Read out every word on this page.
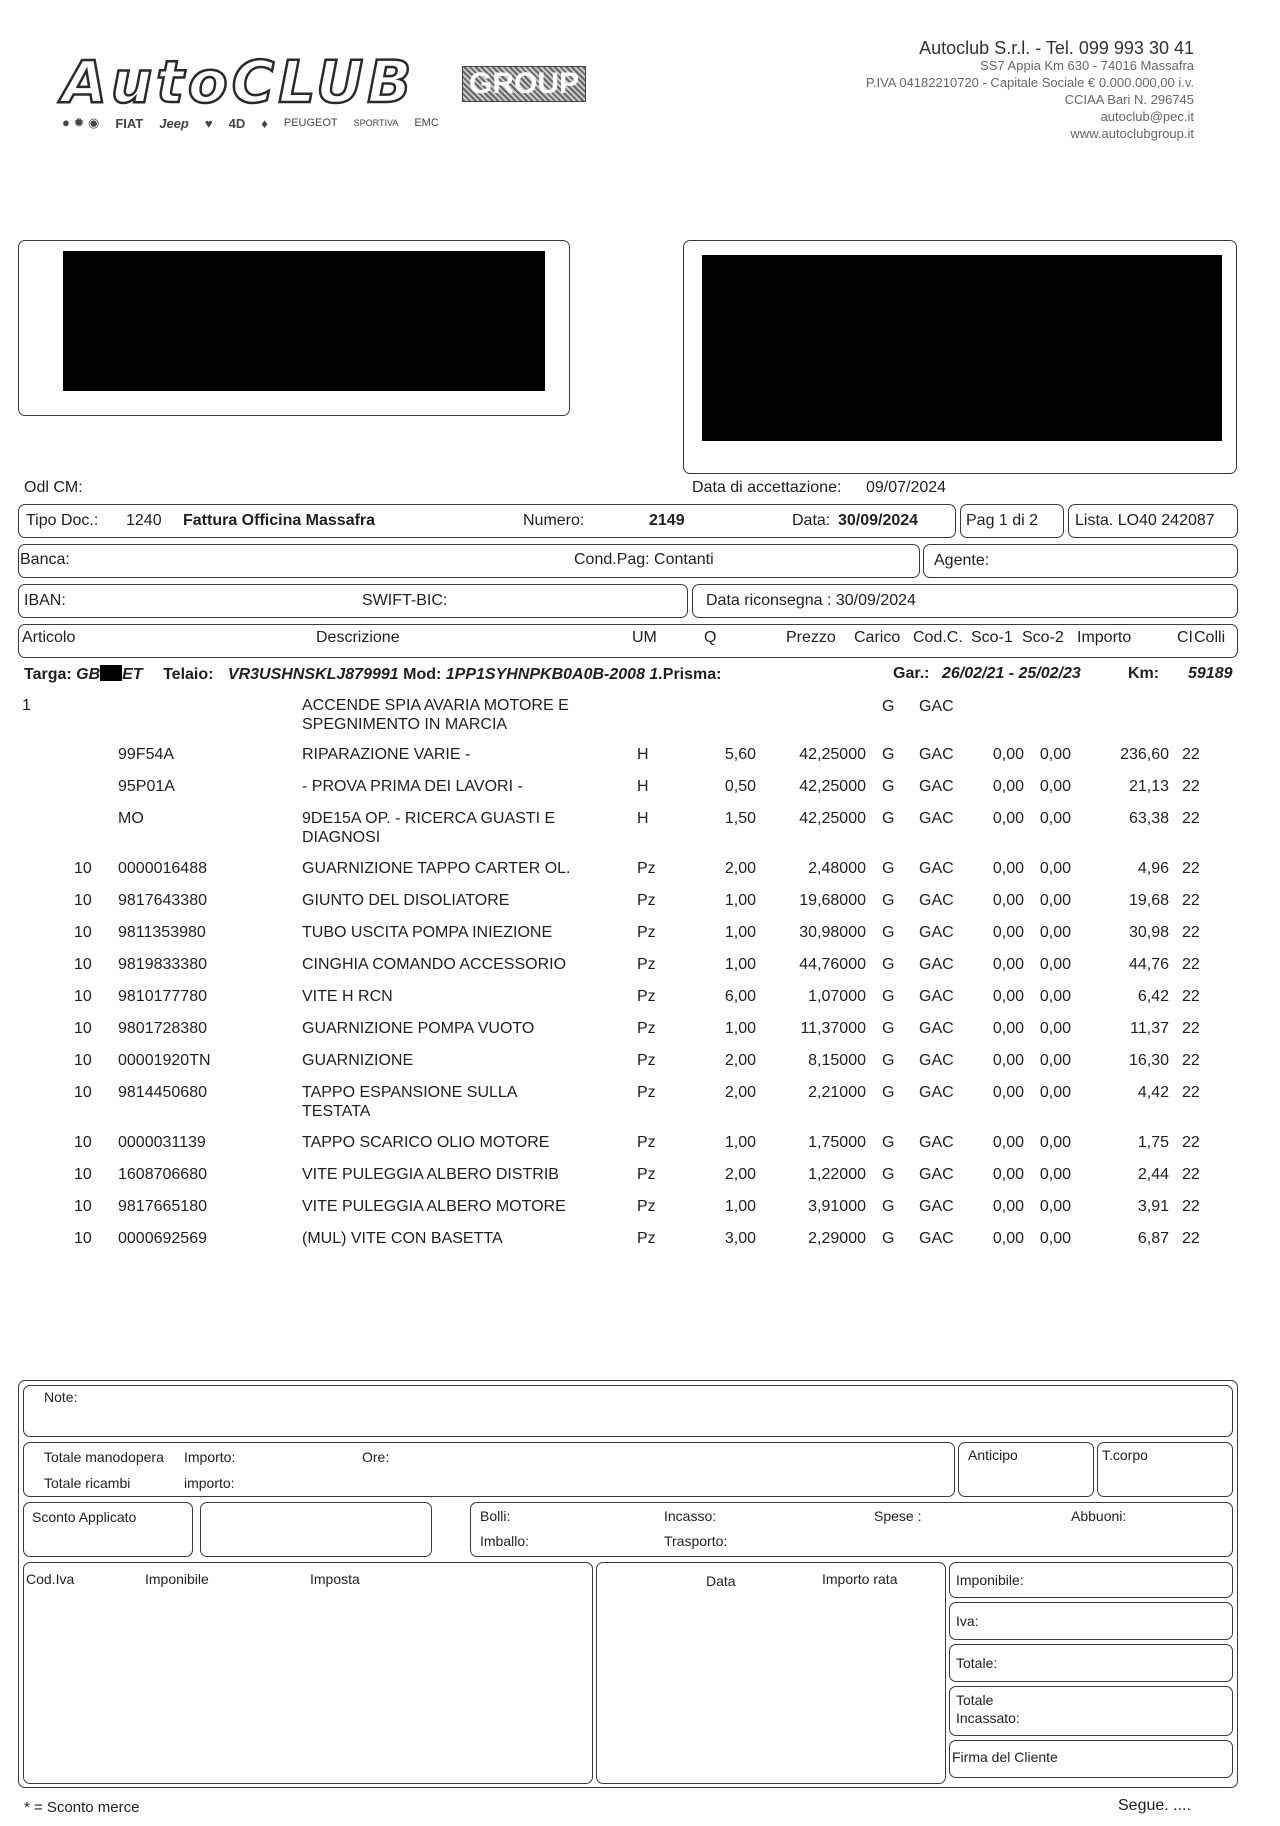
AutoCLUB GROUP
● ✹ ◉ FIAT Jeep ♥ 4D ♦ PEUGEOT SPORTIVA EMC
Autoclub S.r.l. - Tel. 099 993 30 41
SS7 Appia Km 630 - 74016 Massafra
P.IVA 04182210720 - Capitale Sociale € 0.000.000,00 i.v.
CCIAA Bari N. 296745
autoclub@pec.it
www.autoclubgroup.it
Odl CM:	Data di accettazione: 09/07/2024
Tipo Doc.: 1240 Fattura Officina Massafra	Numero:	2149	Data: 30/09/2024	Pag 1 di 2 Lista. LO40 242087
Banca:	Cond.Pag: Contanti	Agente:
IBAN:	SWIFT-BIC:	Data riconsegna : 30/09/2024
Articolo	Descrizione	UM	Q	Prezzo Carico Cod.C. Sco-1 Sco-2 Importo	CI Colli
Targa: GB ET Telaio: VR3USHNSKLJ879991 Mod: 1PP1SYHNPKB0A0B-2008 1.Prisma:	Gar.: 26/02/21 - 25/02/23	Km: 59189
1	ACCENDE SPIA AVARIA MOTORE E
SPEGNIMENTO IN MARCIA
G GAC
99F54A	RIPARAZIONE VARIE -	H	5,60	42,25000 G GAC	0,00 0,00	236,60 22
95P01A	- PROVA PRIMA DEI LAVORI -	H	0,50	42,25000 G GAC	0,00 0,00	21,13 22
MO	9DE15A OP. - RICERCA GUASTI E	H	1,50	42,25000 G GAC	0,00 0,00	63,38 22
DIAGNOSI
10 0000016488	GUARNIZIONE TAPPO CARTER OL.	Pz	2,00	2,48000 G GAC	0,00 0,00	4,96 22
10 9817643380	GIUNTO DEL DISOLIATORE	Pz	1,00	19,68000 G GAC	0,00 0,00	19,68 22
10 9811353980	TUBO USCITA POMPA INIEZIONE	Pz	1,00	30,98000 G GAC	0,00 0,00	30,98 22
10 9819833380	CINGHIA COMANDO ACCESSORIO	Pz	1,00	44,76000 G GAC	0,00 0,00	44,76 22
10 9810177780	VITE H RCN	Pz	6,00	1,07000 G GAC	0,00 0,00	6,42 22
10 9801728380	GUARNIZIONE POMPA VUOTO	Pz	1,00	11,37000 G GAC	0,00 0,00	11,37 22
10 00001920TN	GUARNIZIONE	Pz	2,00	8,15000 G GAC	0,00 0,00	16,30 22
10 9814450680	TAPPO ESPANSIONE SULLA	Pz	2,00	2,21000 G GAC	0,00 0,00	4,42 22
TESTATA
10 0000031139	TAPPO SCARICO OLIO MOTORE	Pz	1,00	1,75000 G GAC	0,00 0,00	1,75 22
10 1608706680	VITE PULEGGIA ALBERO DISTRIB	Pz	2,00	1,22000 G GAC	0,00 0,00	2,44 22
10 9817665180	VITE PULEGGIA ALBERO MOTORE	Pz	1,00	3,91000 G GAC	0,00 0,00	3,91 22
10 0000692569	(MUL) VITE CON BASETTA	Pz	3,00	2,29000 G GAC	0,00 0,00	6,87 22
Note:
Totale manodopera Importo:	Ore:
Totale ricambi	importo:
Anticipo	T.corpo
Sconto Applicato	Bolli:
Imballo:
Incasso:
Trasporto:
Spese :	Abbuoni:
Cod.Iva	Imponibile	Imposta	Data	Importo rata	Imponibile:
Iva:
Totale:
Totale
Incassato:
Firma del Cliente
* = Sconto merce	Segue. ....
